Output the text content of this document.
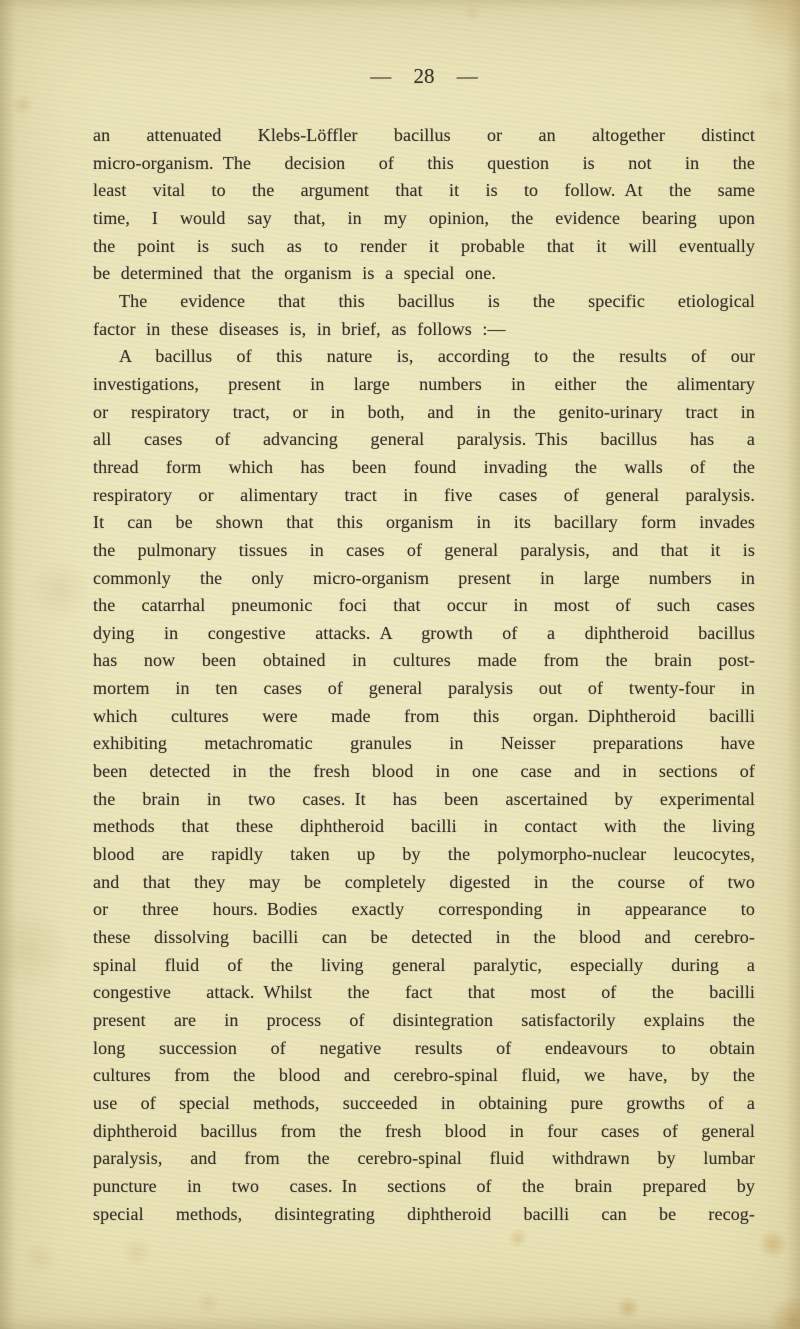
— 28 —
an attenuated Klebs-Löffler bacillus or an altogether distinct
micro-organism. The decision of this question is not in the
least vital to the argument that it is to follow. At the same
time, I would say that, in my opinion, the evidence bearing upon
the point is such as to render it probable that it will eventually
be determined that the organism is a special one.
The evidence that this bacillus is the specific etiological
factor in these diseases is, in brief, as follows :—
A bacillus of this nature is, according to the results of our
investigations, present in large numbers in either the alimentary
or respiratory tract, or in both, and in the genito-urinary tract in
all cases of advancing general paralysis. This bacillus has a
thread form which has been found invading the walls of the
respiratory or alimentary tract in five cases of general paralysis.
It can be shown that this organism in its bacillary form invades
the pulmonary tissues in cases of general paralysis, and that it is
commonly the only micro-organism present in large numbers in
the catarrhal pneumonic foci that occur in most of such cases
dying in congestive attacks. A growth of a diphtheroid bacillus
has now been obtained in cultures made from the brain post-
mortem in ten cases of general paralysis out of twenty-four in
which cultures were made from this organ. Diphtheroid bacilli
exhibiting metachromatic granules in Neisser preparations have
been detected in the fresh blood in one case and in sections of
the brain in two cases. It has been ascertained by experimental
methods that these diphtheroid bacilli in contact with the living
blood are rapidly taken up by the polymorpho-nuclear leucocytes,
and that they may be completely digested in the course of two
or three hours. Bodies exactly corresponding in appearance to
these dissolving bacilli can be detected in the blood and cerebro-
spinal fluid of the living general paralytic, especially during a
congestive attack. Whilst the fact that most of the bacilli
present are in process of disintegration satisfactorily explains the
long succession of negative results of endeavours to obtain
cultures from the blood and cerebro-spinal fluid, we have, by the
use of special methods, succeeded in obtaining pure growths of a
diphtheroid bacillus from the fresh blood in four cases of general
paralysis, and from the cerebro-spinal fluid withdrawn by lumbar
puncture in two cases. In sections of the brain prepared by
special methods, disintegrating diphtheroid bacilli can be recog-
